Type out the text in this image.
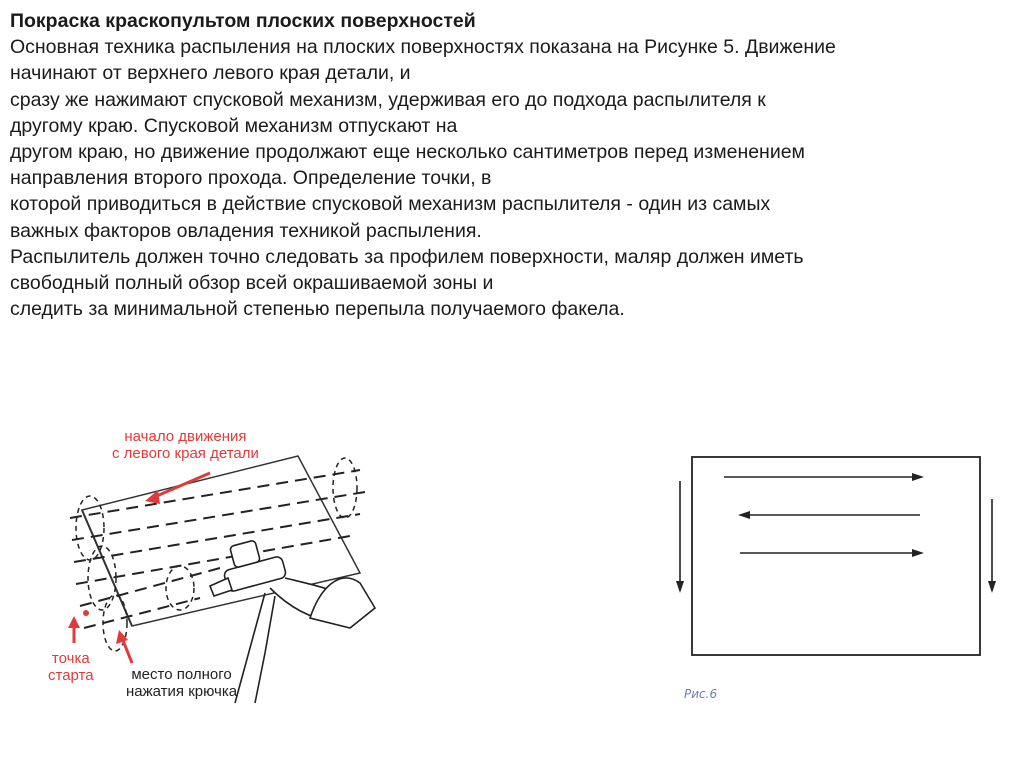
Покраска краскопультом плоских поверхностей
Основная техника распыления на плоских поверхностях показана на Рисунке 5. Движение
начинают от верхнего левого края детали, и
сразу же нажимают спусковой механизм, удерживая его до подхода распылителя к
другому краю. Спусковой механизм отпускают на
другом краю, но движение продолжают еще несколько сантиметров перед изменением
направления второго прохода. Определение точки, в
которой приводиться в действие спусковой механизм распылителя - один из самых
важных факторов овладения техникой распыления.
Распылитель должен точно следовать за профилем поверхности, маляр должен иметь
свободный полный обзор всей окрашиваемой зоны и
следить за минимальной степенью перепыла получаемого факела.
начало движения
с левого края детали
точка
старта	место полного
нажатия крючка	Рис.6
